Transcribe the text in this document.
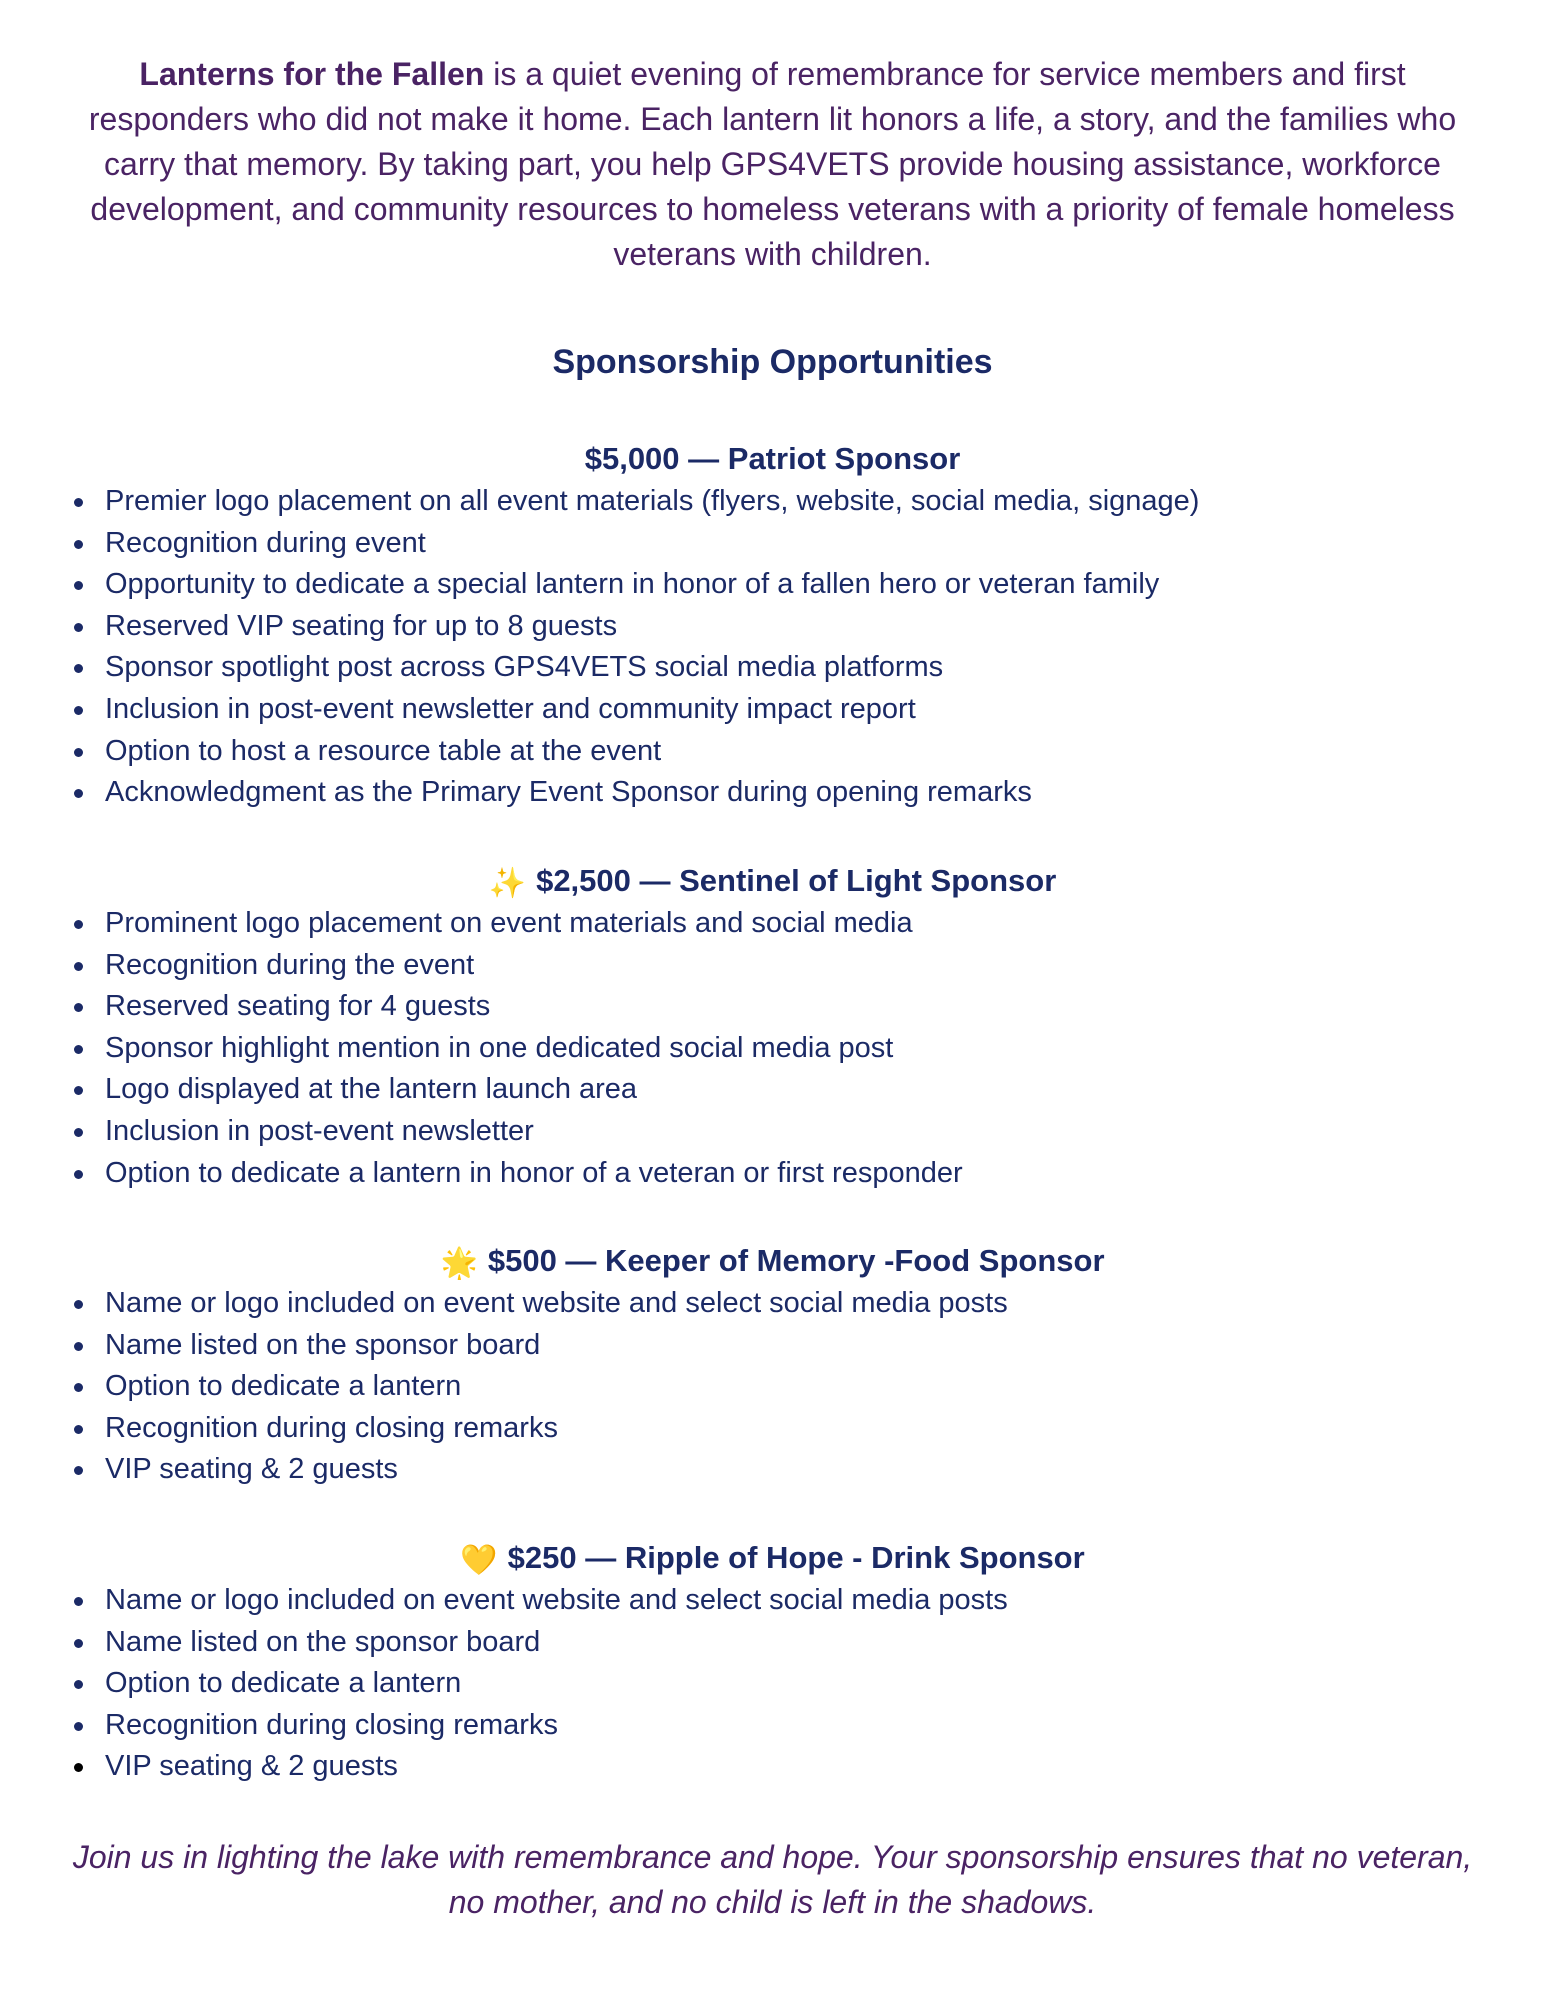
Lanterns for the Fallen is a quiet evening of remembrance for service members and first responders who did not make it home. Each lantern lit honors a life, a story, and the families who carry that memory. By taking part, you help GPS4VETS provide housing assistance, workforce development, and community resources to homeless veterans with a priority of female homeless veterans with children.

Sponsorship Opportunities
$5,000 — Patriot Sponsor
Premier logo placement on all event materials (flyers, website, social media, signage)
Recognition during event
Opportunity to dedicate a special lantern in honor of a fallen hero or veteran family
Reserved VIP seating for up to 8 guests
Sponsor spotlight post across GPS4VETS social media platforms
Inclusion in post-event newsletter and community impact report
Option to host a resource table at the event
Acknowledgment as the Primary Event Sponsor during opening remarks
✨ $2,500 — Sentinel of Light Sponsor
Prominent logo placement on event materials and social media
Recognition during the event
Reserved seating for 4 guests
Sponsor highlight mention in one dedicated social media post
Logo displayed at the lantern launch area
Inclusion in post-event newsletter
Option to dedicate a lantern in honor of a veteran or first responder
🌟 $500 — Keeper of Memory -Food Sponsor
Name or logo included on event website and select social media posts
Name listed on the sponsor board
Option to dedicate a lantern
Recognition during closing remarks
VIP seating & 2 guests
💛 $250 — Ripple of Hope - Drink Sponsor
Name or logo included on event website and select social media posts
Name listed on the sponsor board
Option to dedicate a lantern
Recognition during closing remarks
VIP seating & 2 guests

Join us in lighting the lake with remembrance and hope. Your sponsorship ensures that no veteran, no mother, and no child is left in the shadows.
